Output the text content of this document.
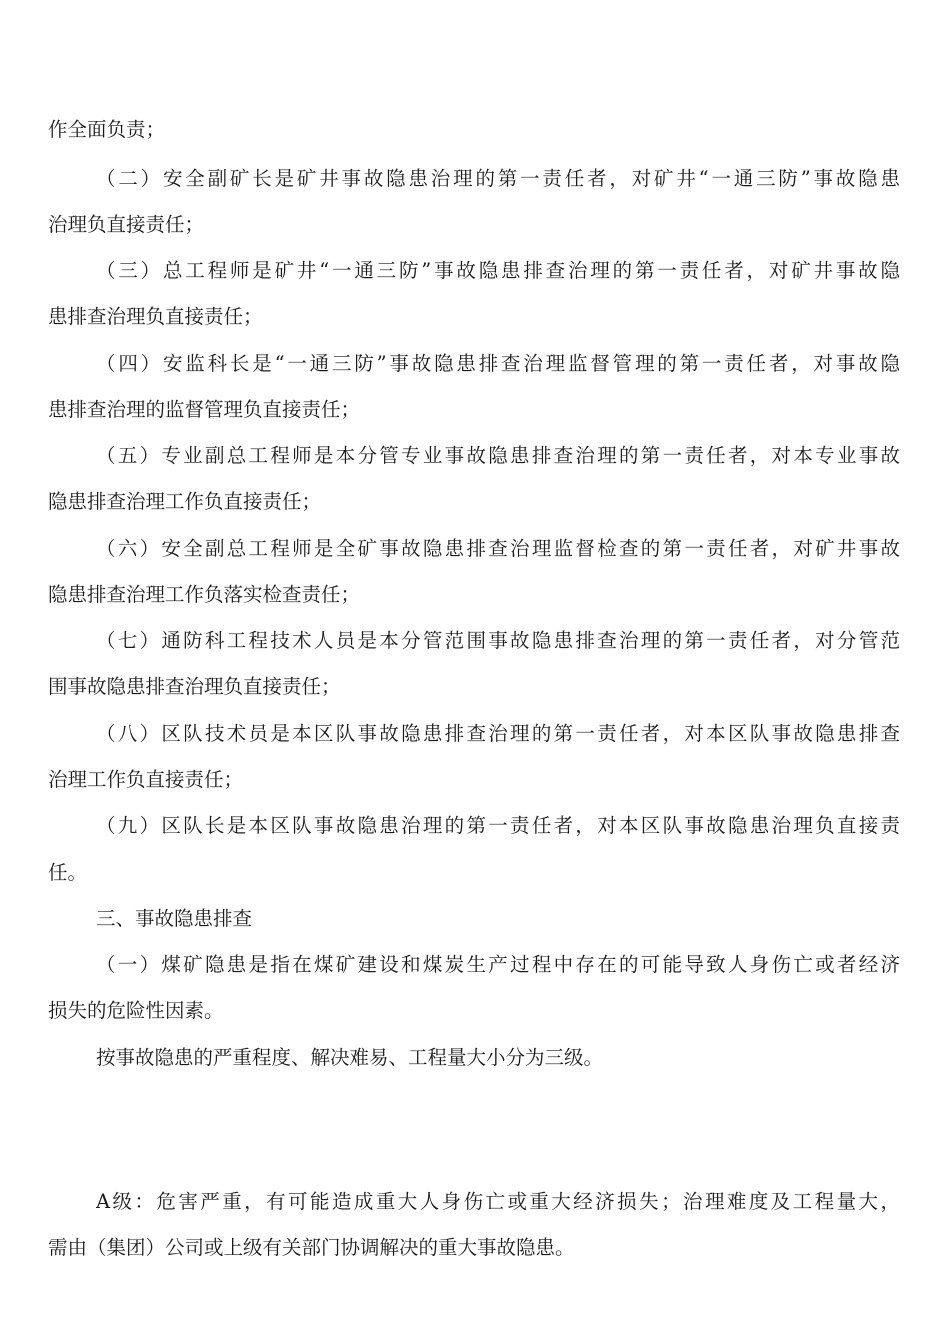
作全面负责；
（二）安全副矿长是矿井事故隐患治理的第一责任者，对矿井“一通三防”事故隐患
治理负直接责任；
（三）总工程师是矿井“一通三防”事故隐患排查治理的第一责任者，对矿井事故隐
患排查治理负直接责任；
（四）安监科长是“一通三防”事故隐患排查治理监督管理的第一责任者，对事故隐
患排查治理的监督管理负直接责任；
（五）专业副总工程师是本分管专业事故隐患排查治理的第一责任者，对本专业事故
隐患排查治理工作负直接责任；
（六）安全副总工程师是全矿事故隐患排查治理监督检查的第一责任者，对矿井事故
隐患排查治理工作负落实检查责任；
（七）通防科工程技术人员是本分管范围事故隐患排查治理的第一责任者，对分管范
围事故隐患排查治理负直接责任；
（八）区队技术员是本区队事故隐患排查治理的第一责任者，对本区队事故隐患排查
治理工作负直接责任；
（九）区队长是本区队事故隐患治理的第一责任者，对本区队事故隐患治理负直接责
任。
三、事故隐患排查
（一）煤矿隐患是指在煤矿建设和煤炭生产过程中存在的可能导致人身伤亡或者经济
损失的危险性因素。
按事故隐患的严重程度、解决难易、工程量大小分为三级。
A级：危害严重，有可能造成重大人身伤亡或重大经济损失；治理难度及工程量大，
需由（集团）公司或上级有关部门协调解决的重大事故隐患。
